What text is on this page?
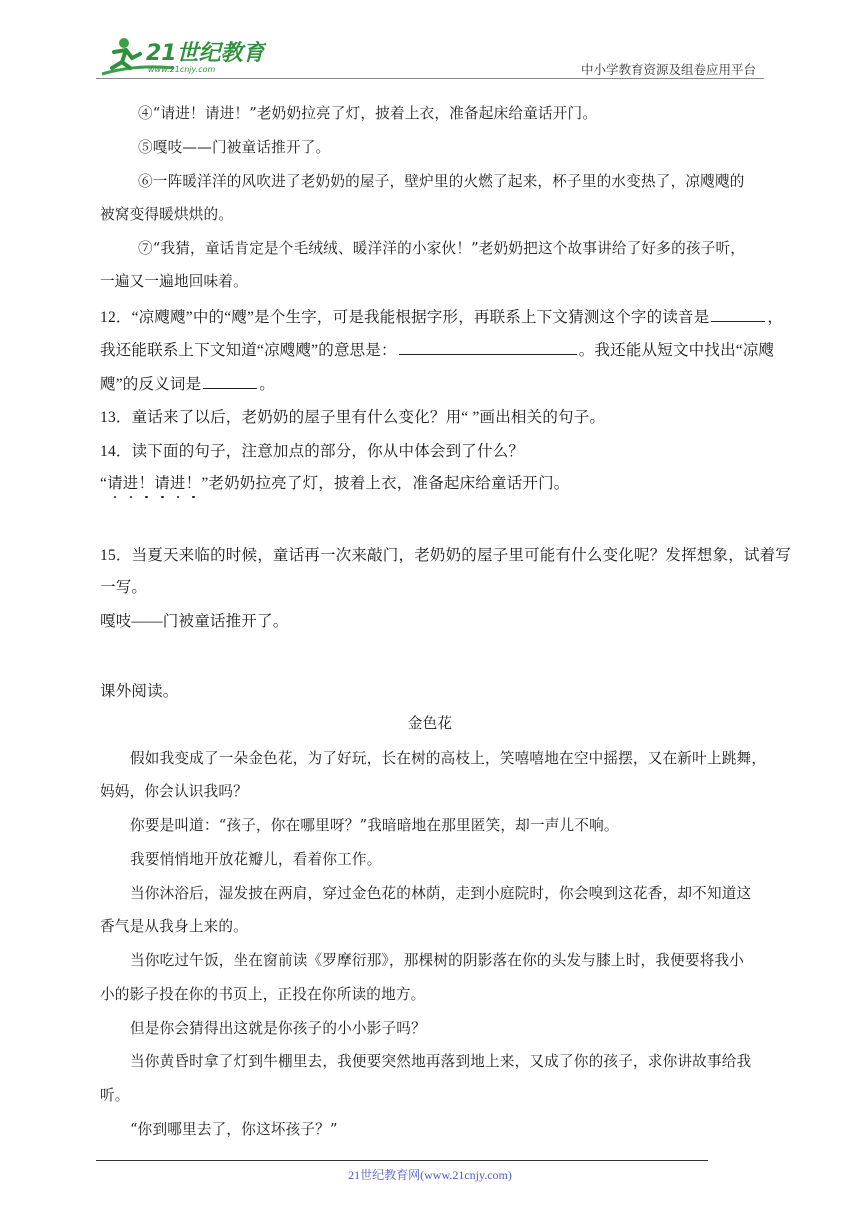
21世纪教育
www.21cnjy.com	中小学教育资源及组卷应用平台
④“请进！请进！”老奶奶拉亮了灯，披着上衣，准备起床给童话开门。
⑤嘎吱——门被童话推开了。
⑥一阵暖洋洋的风吹进了老奶奶的屋子，壁炉里的火燃了起来，杯子里的水变热了，凉飕飕的
被窝变得暖烘烘的。
⑦“我猜，童话肯定是个毛绒绒、暖洋洋的小家伙！”老奶奶把这个故事讲给了好多的孩子听，
一遍又一遍地回味着。
12．“凉飕飕”中的“飕”是个生字，可是我能根据字形，再联系上下文猜测这个字的读音是	，
我还能联系上下文知道“凉飕飕”的意思是：	。我还能从短文中找出“凉飕
飕”的反义词是	。
13．童话来了以后，老奶奶的屋子里有什么变化？用“ ”画出相关的句子。
14．读下面的句子，注意加点的部分，你从中体会到了什么？
“请进！请进！”老奶奶拉亮了灯，披着上衣，准备起床给童话开门。
15．当夏天来临的时候，童话再一次来敲门，老奶奶的屋子里可能有什么变化呢？发挥想象，试着写
一写。
嘎吱——门被童话推开了。
课外阅读。
金色花
假如我变成了一朵金色花，为了好玩，长在树的高枝上，笑嘻嘻地在空中摇摆，又在新叶上跳舞，
妈妈，你会认识我吗？
你要是叫道：“孩子，你在哪里呀？”我暗暗地在那里匿笑，却一声儿不响。
我要悄悄地开放花瓣儿，看着你工作。
当你沐浴后，湿发披在两肩，穿过金色花的林荫，走到小庭院时，你会嗅到这花香，却不知道这
香气是从我身上来的。
当你吃过午饭，坐在窗前读《罗摩衍那》，那棵树的阴影落在你的头发与膝上时，我便要将我小
小的影子投在你的书页上，正投在你所读的地方。
但是你会猜得出这就是你孩子的小小影子吗？
当你黄昏时拿了灯到牛棚里去，我便要突然地再落到地上来，又成了你的孩子，求你讲故事给我
听。
“你到哪里去了，你这坏孩子？”
21世纪教育网(www.21cnjy.com)
